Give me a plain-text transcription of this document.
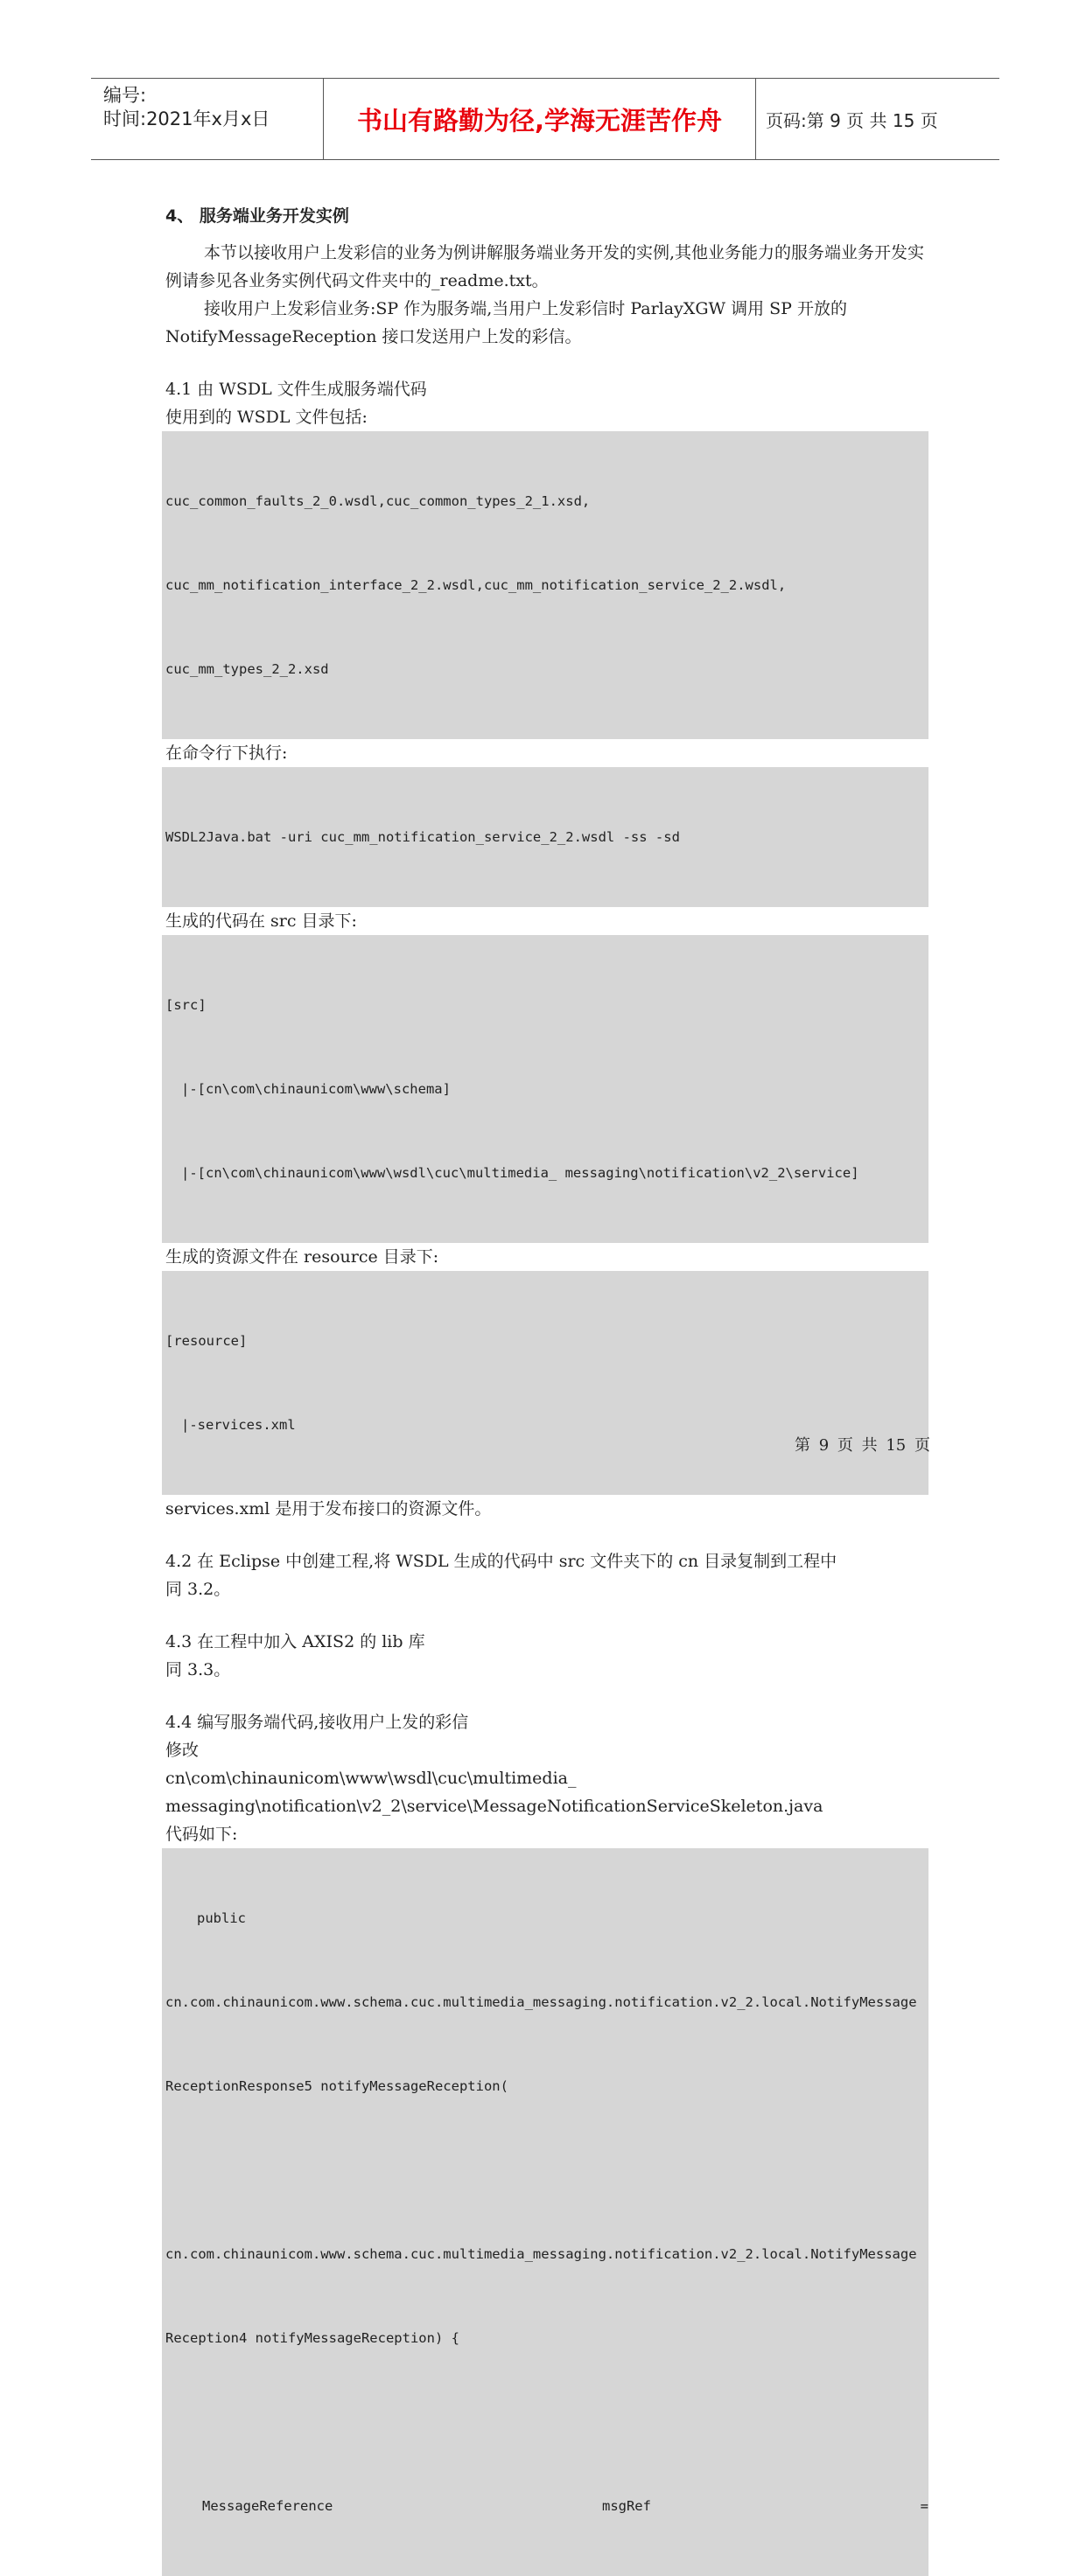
编号:
时间:2021年x月x日	书山有路勤为径,学海无涯苦作舟	页码:第 9 页 共 15 页
4、 服务端业务开发实例

本节以接收用户上发彩信的业务为例讲解服务端业务开发的实例,其他业务能力的服务端业务开发实例请参见各业务实例代码文件夹中的_readme.txt。

接收用户上发彩信业务:SP 作为服务端,当用户上发彩信时 ParlayXGW 调用 SP 开放的NotifyMessageReception 接口发送用户上发的彩信。

4.1 由 WSDL 文件生成服务端代码

使用到的 WSDL 文件包括:

cuc_common_faults_2_0.wsdl,cuc_common_types_2_1.xsd,

cuc_mm_notification_interface_2_2.wsdl,cuc_mm_notification_service_2_2.wsdl,

cuc_mm_types_2_2.xsd

在命令行下执行:

WSDL2Java.bat -uri cuc_mm_notification_service_2_2.wsdl -ss -sd

生成的代码在 src 目录下:

[src]

|-[cn\com\chinaunicom\www\schema]

|-[cn\com\chinaunicom\www\wsdl\cuc\multimedia_ messaging\notification\v2_2\service]

生成的资源文件在 resource 目录下:

[resource]

|-services.xml

services.xml 是用于发布接口的资源文件。

4.2 在 Eclipse 中创建工程,将 WSDL 生成的代码中 src 文件夹下的 cn 目录复制到工程中

同 3.2。

4.3 在工程中加入 AXIS2 的 lib 库

同 3.3。

4.4 编写服务端代码,接收用户上发的彩信

修改

cn\com\chinaunicom\www\wsdl\cuc\multimedia_

messaging\notification\v2_2\service\MessageNotificationServiceSkeleton.java

代码如下:

public

cn.com.chinaunicom.www.schema.cuc.multimedia_messaging.notification.v2_2.local.NotifyMessage

ReceptionResponse5 notifyMessageReception(

cn.com.chinaunicom.www.schema.cuc.multimedia_messaging.notification.v2_2.local.NotifyMessage

Reception4 notifyMessageReception) {

MessageReference	msgRef	=

第 9 页 共 15 页
